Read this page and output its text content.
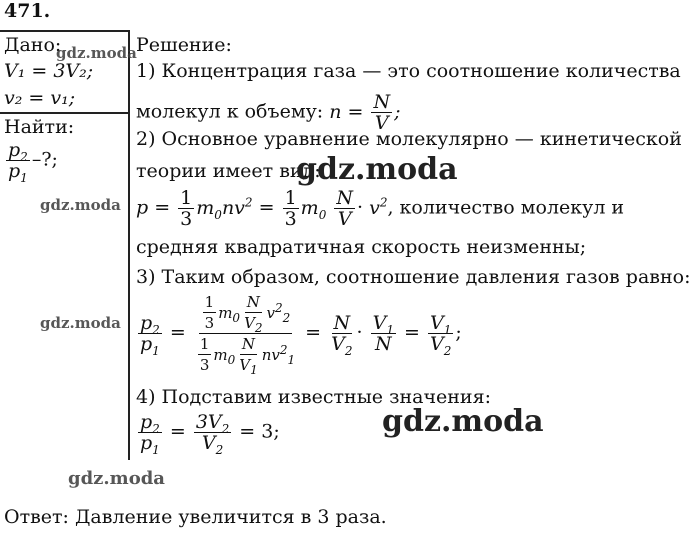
471.
Дано:
V₁ = 3V₂;
v₂ = v₁;
Найти:
$\frac{p_2}{p_1}$ –?;
Решение:
1) Концентрация газа — это соотношение количества
молекул к объему: $n = \frac{N}{V}$ ;
2) Основное уравнение молекулярно — кинетической
теории имеет вид:
$p = \frac{1}{3} m_0nv^2 = \frac{1}{3} m_0 \frac{N}{V} \cdot v^2$, количество молекул и
средняя квадратичная скорость неизменны;
3) Таким образом, соотношение давления газов равно:
$\frac{p_2}{p_1} = \frac{\frac{1}{3} m_0 \frac{N}{V_2} v^2_2}{\frac{1}{3} m_0 \frac{N}{V_1} nv^2_1} = \frac{N}{V_2} \cdot \frac{V_1}{N} = \frac{V_1}{V_2}$ ;
4) Подставим известные значения:
$\frac{p_2}{p_1} = \frac{3V_2}{V_2} = 3$;
Ответ: Давление увеличится в 3 раза.
gdz.moda
gdz.moda
gdz.moda
gdz.moda
gdz.moda
gdz.moda
